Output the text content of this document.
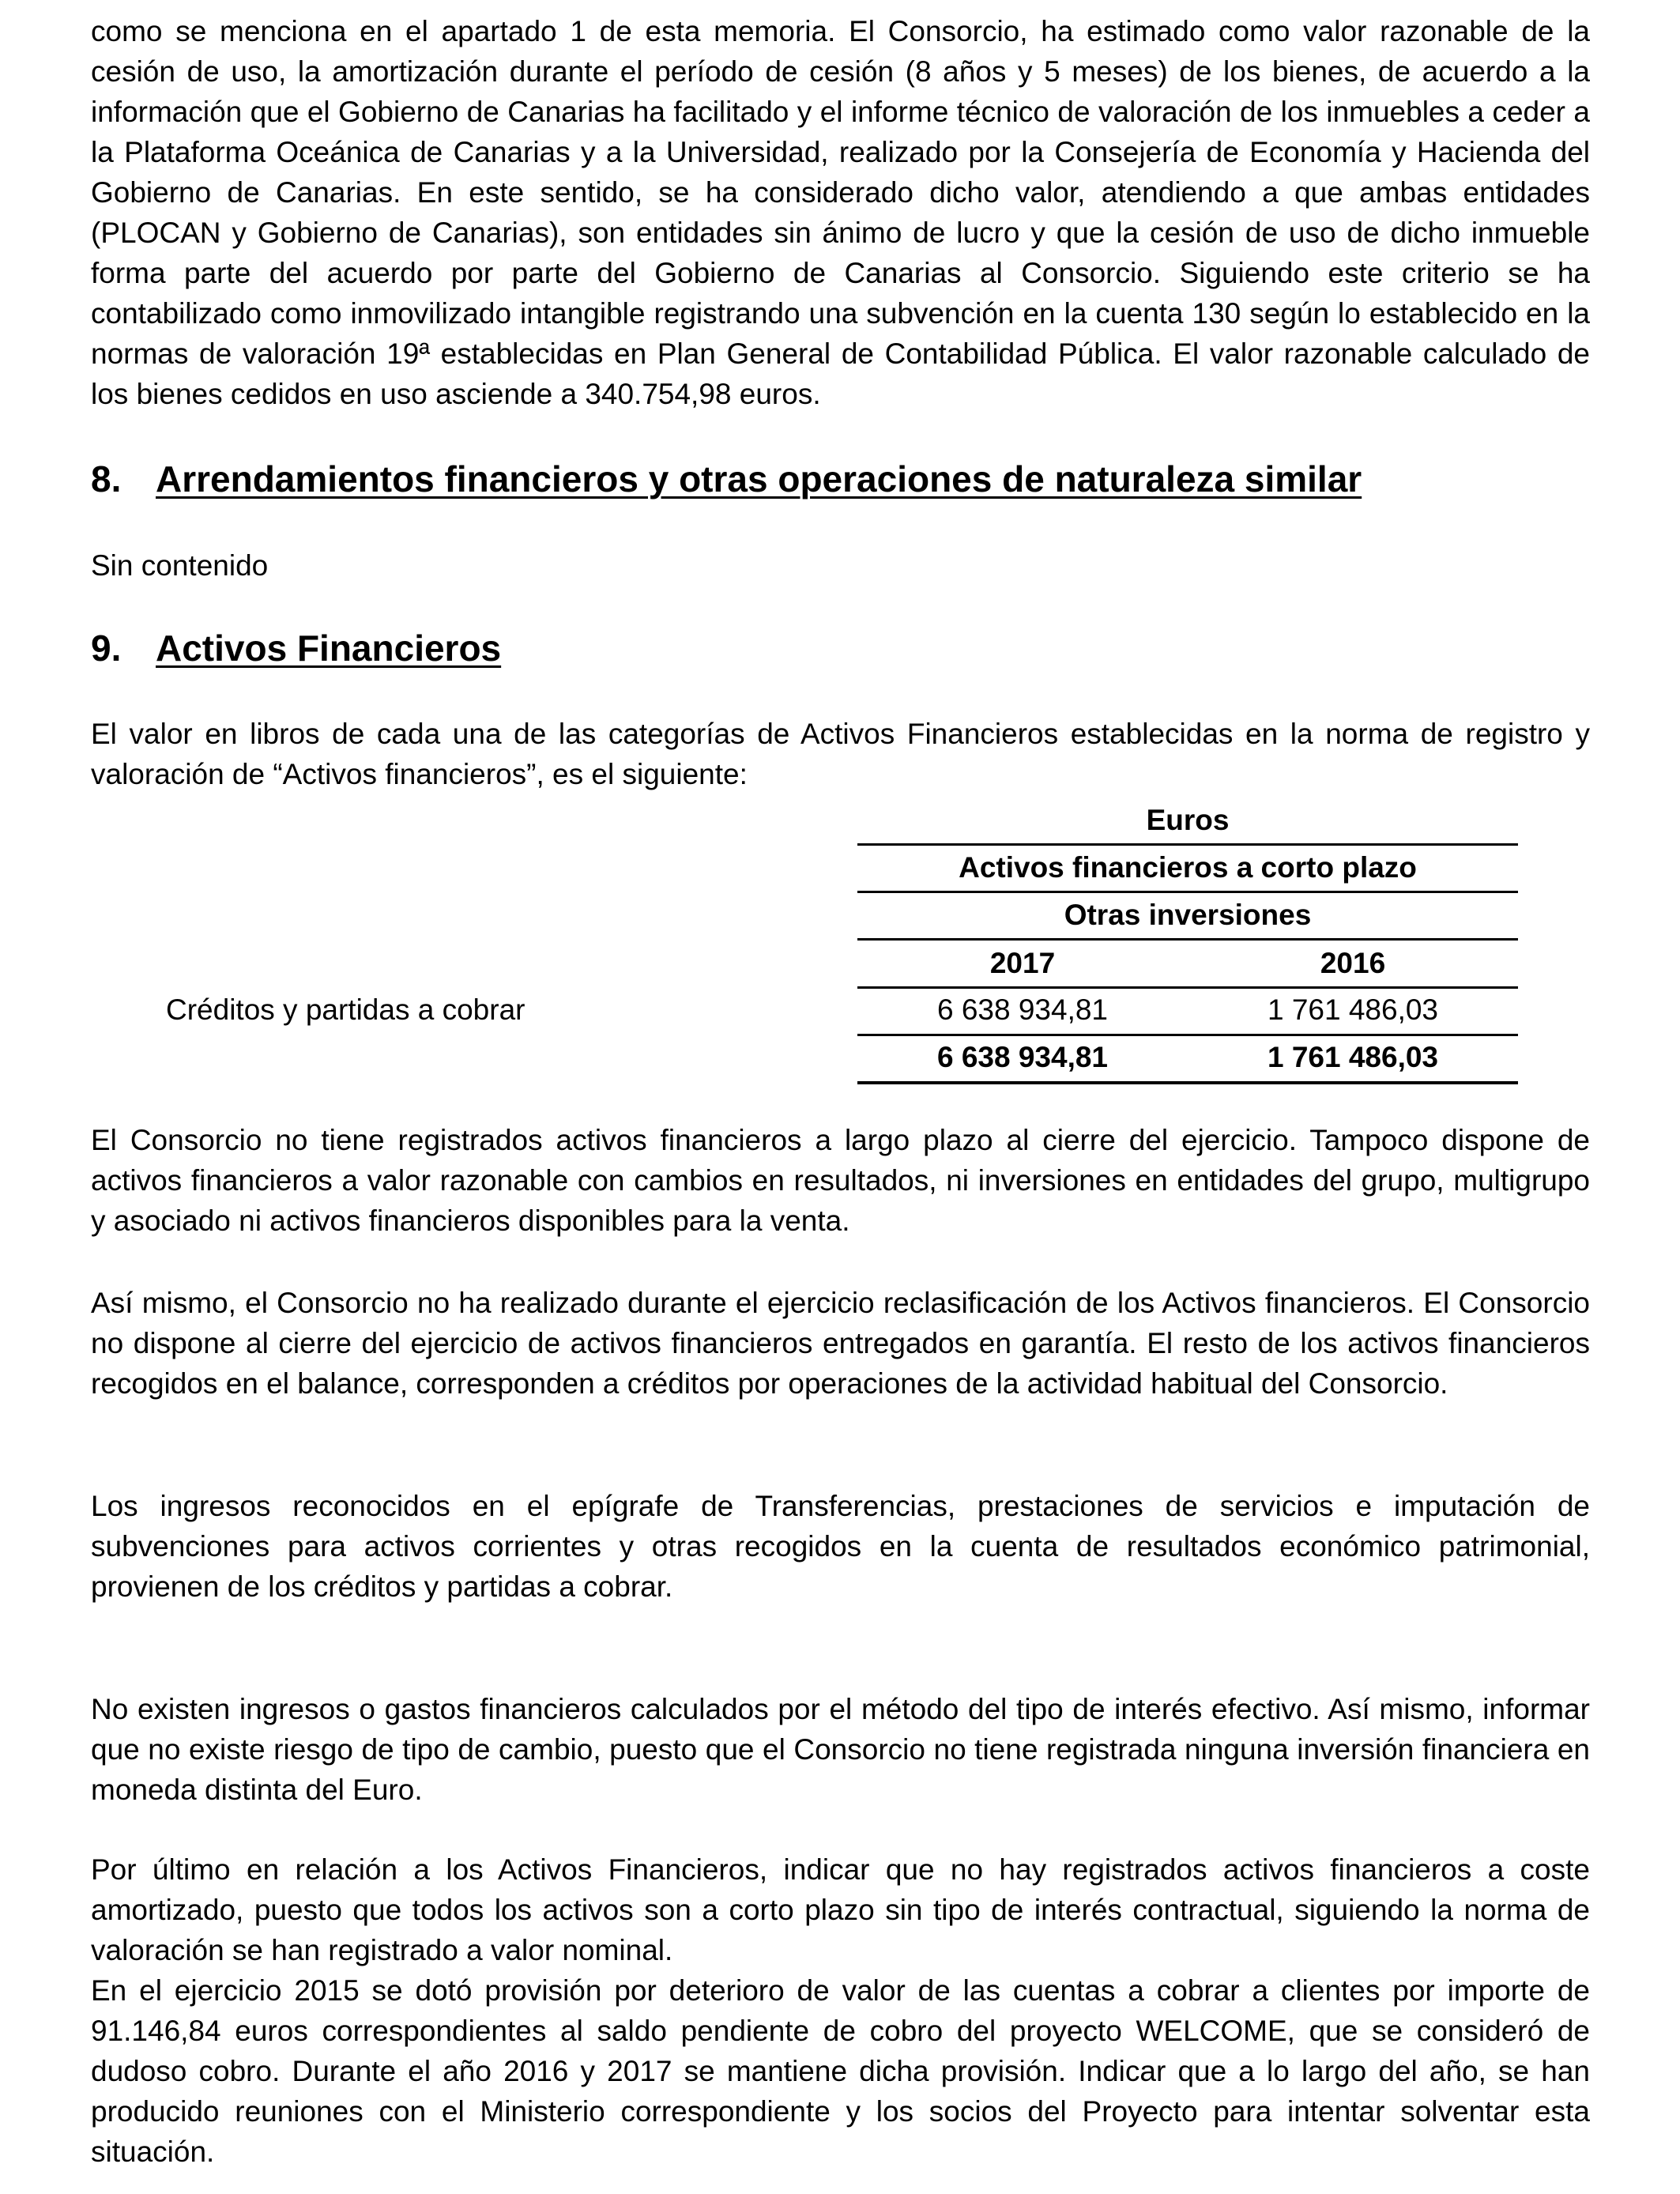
como se menciona en el apartado 1 de esta memoria. El Consorcio, ha estimado como valor razonable de la cesión de uso, la amortización durante el período de cesión (8 años y 5 meses) de los bienes, de acuerdo a la información que el Gobierno de Canarias ha facilitado y el informe técnico de valoración de los inmuebles a ceder a la Plataforma Oceánica de Canarias y a la Universidad, realizado por la Consejería de Economía y Hacienda del Gobierno de Canarias. En este sentido, se ha considerado dicho valor, atendiendo a que ambas entidades (PLOCAN y Gobierno de Canarias), son entidades sin ánimo de lucro y que la cesión de uso de dicho inmueble forma parte del acuerdo por parte del Gobierno de Canarias al Consorcio. Siguiendo este criterio se ha contabilizado como inmovilizado intangible registrando una subvención en la cuenta 130 según lo establecido en la normas de valoración 19ª establecidas en Plan General de Contabilidad Pública. El valor razonable calculado de los bienes cedidos en uso asciende a 340.754,98 euros.

8. Arrendamientos financieros y otras operaciones de naturaleza similar

Sin contenido

9. Activos Financieros

El valor en libros de cada una de las categorías de Activos Financieros establecidas en la norma de registro y valoración de “Activos financieros”, es el siguiente:

Euros
Activos financieros a corto plazo
Otras inversiones
2017	2016
Créditos y partidas a cobrar	6 638 934,81	1 761 486,03
6 638 934,81	1 761 486,03

El Consorcio no tiene registrados activos financieros a largo plazo al cierre del ejercicio. Tampoco dispone de activos financieros a valor razonable con cambios en resultados, ni inversiones en entidades del grupo, multigrupo y asociado ni activos financieros disponibles para la venta.

Así mismo, el Consorcio no ha realizado durante el ejercicio reclasificación de los Activos financieros. El Consorcio no dispone al cierre del ejercicio de activos financieros entregados en garantía. El resto de los activos financieros recogidos en el balance, corresponden a créditos por operaciones de la actividad habitual del Consorcio.

Los ingresos reconocidos en el epígrafe de Transferencias, prestaciones de servicios e imputación de subvenciones para activos corrientes y otras recogidos en la cuenta de resultados económico patrimonial, provienen de los créditos y partidas a cobrar.

No existen ingresos o gastos financieros calculados por el método del tipo de interés efectivo. Así mismo, informar que no existe riesgo de tipo de cambio, puesto que el Consorcio no tiene registrada ninguna inversión financiera en moneda distinta del Euro.

Por último en relación a los Activos Financieros, indicar que no hay registrados activos financieros a coste amortizado, puesto que todos los activos son a corto plazo sin tipo de interés contractual, siguiendo la norma de valoración se han registrado a valor nominal.

En el ejercicio 2015 se dotó provisión por deterioro de valor de las cuentas a cobrar a clientes por importe de 91.146,84 euros correspondientes al saldo pendiente de cobro del proyecto WELCOME, que se consideró de dudoso cobro. Durante el año 2016 y 2017 se mantiene dicha provisión. Indicar que a lo largo del año, se han producido reuniones con el Ministerio correspondiente y los socios del Proyecto para intentar solventar esta situación.
